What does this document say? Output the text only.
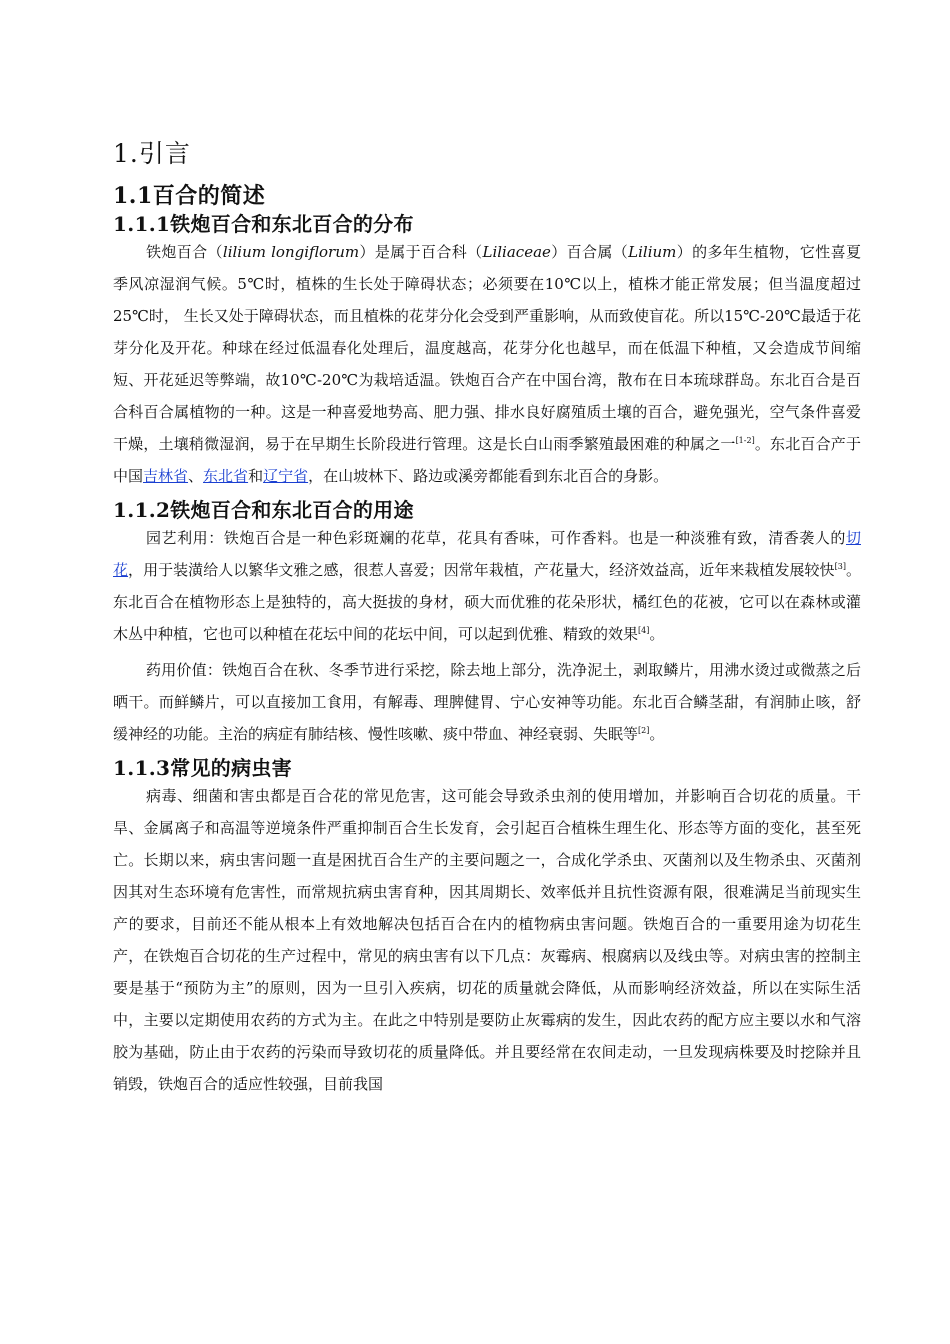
1.引言
1.1百合的简述
1.1.1铁炮百合和东北百合的分布

铁炮百合（lilium longiflorum）是属于百合科（Liliaceae）百合属（Lilium）的多年生植物，它性喜夏季风凉湿润气候。5℃时，植株的生长处于障碍状态；必须要在10℃以上，植株才能正常发展；但当温度超过25℃时， 生长又处于障碍状态，而且植株的花芽分化会受到严重影响，从而致使盲花。所以15℃-20℃最适于花芽分化及开花。种球在经过低温春化处理后，温度越高，花芽分化也越早，而在低温下种植，又会造成节间缩短、开花延迟等弊端，故10℃-20℃为栽培适温。铁炮百合产在中国台湾，散布在日本琉球群岛。东北百合是百合科百合属植物的一种。这是一种喜爱地势高、肥力强、排水良好腐殖质土壤的百合，避免强光，空气条件喜爱干燥，土壤稍微湿润，易于在早期生长阶段进行管理。这是长白山雨季繁殖最困难的种属之一[1-2]。东北百合产于中国吉林省、东北省和辽宁省，在山坡林下、路边或溪旁都能看到东北百合的身影。

1.1.2铁炮百合和东北百合的用途

园艺利用：铁炮百合是一种色彩斑斓的花草，花具有香味，可作香料。也是一种淡雅有致，清香袭人的切花，用于装潢给人以繁华文雅之感，很惹人喜爱；因常年栽植，产花量大，经济效益高，近年来栽植发展较快[3]。东北百合在植物形态上是独特的，高大挺拔的身材，硕大而优雅的花朵形状，橘红色的花被，它可以在森林或灌木丛中种植，它也可以种植在花坛中间的花坛中间，可以起到优雅、精致的效果[4]。

药用价值：铁炮百合在秋、冬季节进行采挖，除去地上部分，洗净泥土，剥取鳞片，用沸水烫过或微蒸之后晒干。而鲜鳞片，可以直接加工食用，有解毒、理脾健胃、宁心安神等功能。东北百合鳞茎甜，有润肺止咳，舒缓神经的功能。主治的病症有肺结核、慢性咳嗽、痰中带血、神经衰弱、失眠等[2]。

1.1.3常见的病虫害

病毒、细菌和害虫都是百合花的常见危害，这可能会导致杀虫剂的使用增加，并影响百合切花的质量。干旱、金属离子和高温等逆境条件严重抑制百合生长发育，会引起百合植株生理生化、形态等方面的变化，甚至死亡。长期以来，病虫害问题一直是困扰百合生产的主要问题之一，合成化学杀虫、灭菌剂以及生物杀虫、灭菌剂因其对生态环境有危害性，而常规抗病虫害育种，因其周期长、效率低并且抗性资源有限，很难满足当前现实生产的要求，目前还不能从根本上有效地解决包括百合在内的植物病虫害问题。铁炮百合的一重要用途为切花生产，在铁炮百合切花的生产过程中，常见的病虫害有以下几点：灰霉病、根腐病以及线虫等。对病虫害的控制主要是基于“预防为主”的原则，因为一旦引入疾病，切花的质量就会降低，从而影响经济效益，所以在实际生活中，主要以定期使用农药的方式为主。在此之中特别是要防止灰霉病的发生，因此农药的配方应主要以水和气溶胶为基础，防止由于农药的污染而导致切花的质量降低。并且要经常在农间走动，一旦发现病株要及时挖除并且销毁，铁炮百合的适应性较强，目前我国
